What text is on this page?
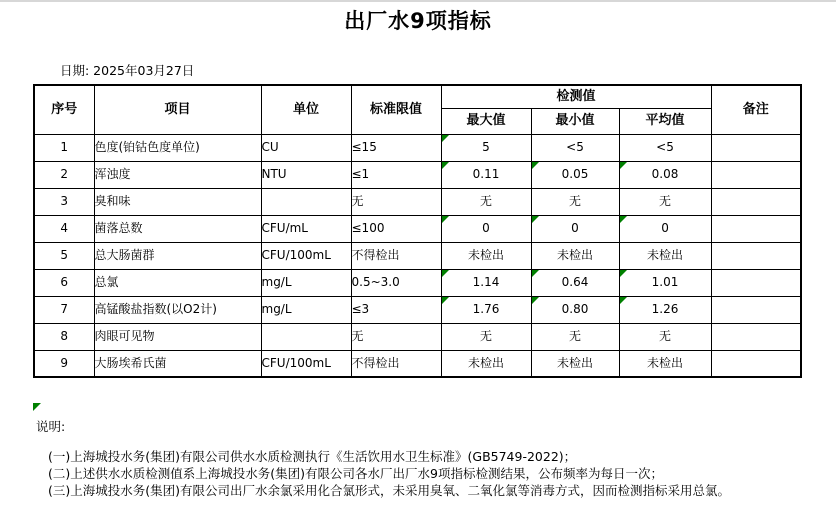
出厂水9项指标
日期: 2025年03月27日
序号	项目	单位	标准限值	检测值			备注
				最大值	最小值	平均值	
1	色度(铂钴色度单位)	CU	≤15	5	<5	<5	
2	浑浊度	NTU	≤1	0.11	0.05	0.08	
3	臭和味		无	无	无	无	
4	菌落总数	CFU/mL	≤100	0	0	0	
5	总大肠菌群	CFU/100mL	不得检出	未检出	未检出	未检出	
6	总氯	mg/L	0.5~3.0	1.14	0.64	1.01	
7	高锰酸盐指数(以O2计)	mg/L	≤3	1.76	0.80	1.26	
8	肉眼可见物		无	无	无	无	
9	大肠埃希氏菌	CFU/100mL	不得检出	未检出	未检出	未检出	
说明:
(一)上海城投水务(集团)有限公司供水水质检测执行《生活饮用水卫生标准》(GB5749-2022)；
(二)上述供水水质检测值系上海城投水务(集团)有限公司各水厂出厂水9项指标检测结果，公布频率为每日一次；
(三)上海城投水务(集团)有限公司出厂水余氯采用化合氯形式，未采用臭氧、二氧化氯等消毒方式，因而检测指标采用总氯。
